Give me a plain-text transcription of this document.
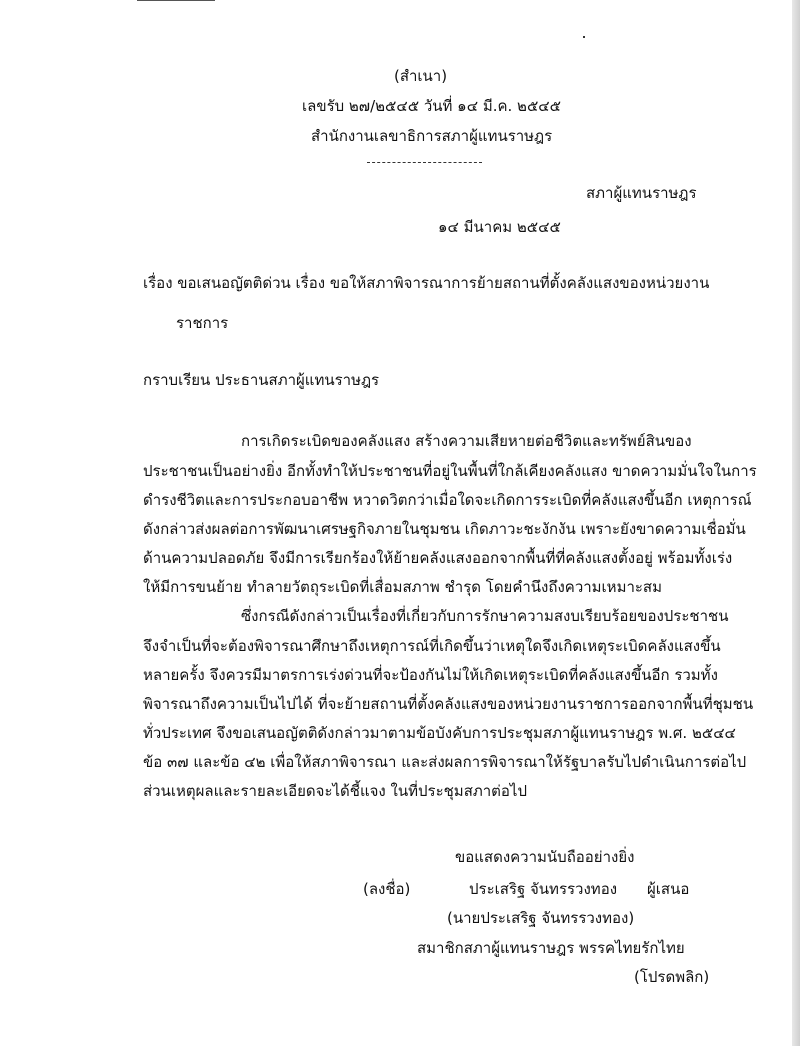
(สำเนา)
เลขรับ ๒๗/๒๕๔๕ วันที่ ๑๔ มี.ค. ๒๕๔๕
สำนักงานเลขาธิการสภาผู้แทนราษฎร
สภาผู้แทนราษฎร
๑๔ มีนาคม ๒๕๔๕
เรื่อง ขอเสนอญัตติด่วน เรื่อง ขอให้สภาพิจารณาการย้ายสถานที่ตั้งคลังแสงของหน่วยงาน
ราชการ
กราบเรียน ประธานสภาผู้แทนราษฎร
การเกิดระเบิดของคลังแสง สร้างความเสียหายต่อชีวิตและทรัพย์สินของ
ประชาชนเป็นอย่างยิ่ง อีกทั้งทำให้ประชาชนที่อยู่ในพื้นที่ใกล้เคียงคลังแสง ขาดความมั่นใจในการ
ดำรงชีวิตและการประกอบอาชีพ หวาดวิตกว่าเมื่อใดจะเกิดการระเบิดที่คลังแสงขึ้นอีก เหตุการณ์
ดังกล่าวส่งผลต่อการพัฒนาเศรษฐกิจภายในชุมชน เกิดภาวะชะงักงัน เพราะยังขาดความเชื่อมั่น
ด้านความปลอดภัย จึงมีการเรียกร้องให้ย้ายคลังแสงออกจากพื้นที่ที่คลังแสงตั้งอยู่ พร้อมทั้งเร่ง
ให้มีการขนย้าย ทำลายวัตถุระเบิดที่เสื่อมสภาพ ชำรุด โดยคำนึงถึงความเหมาะสม
ซึ่งกรณีดังกล่าวเป็นเรื่องที่เกี่ยวกับการรักษาความสงบเรียบร้อยของประชาชน
จึงจำเป็นที่จะต้องพิจารณาศึกษาถึงเหตุการณ์ที่เกิดขึ้นว่าเหตุใดจึงเกิดเหตุระเบิดคลังแสงขึ้น
หลายครั้ง จึงควรมีมาตรการเร่งด่วนที่จะป้องกันไม่ให้เกิดเหตุระเบิดที่คลังแสงขึ้นอีก รวมทั้ง
พิจารณาถึงความเป็นไปได้ ที่จะย้ายสถานที่ตั้งคลังแสงของหน่วยงานราชการออกจากพื้นที่ชุมชน
ทั่วประเทศ จึงขอเสนอญัตติดังกล่าวมาตามข้อบังคับการประชุมสภาผู้แทนราษฎร พ.ศ. ๒๕๔๔
ข้อ ๓๗ และข้อ ๔๒ เพื่อให้สภาพิจารณา และส่งผลการพิจารณาให้รัฐบาลรับไปดำเนินการต่อไป
ส่วนเหตุผลและรายละเอียดจะได้ชี้แจง ในที่ประชุมสภาต่อไป
ขอแสดงความนับถืออย่างยิ่ง
(ลงชื่อ)	ประเสริฐ จันทรรวงทอง ผู้เสนอ
(นายประเสริฐ จันทรรวงทอง)
สมาชิกสภาผู้แทนราษฎร พรรคไทยรักไทย
(โปรดพลิก)
